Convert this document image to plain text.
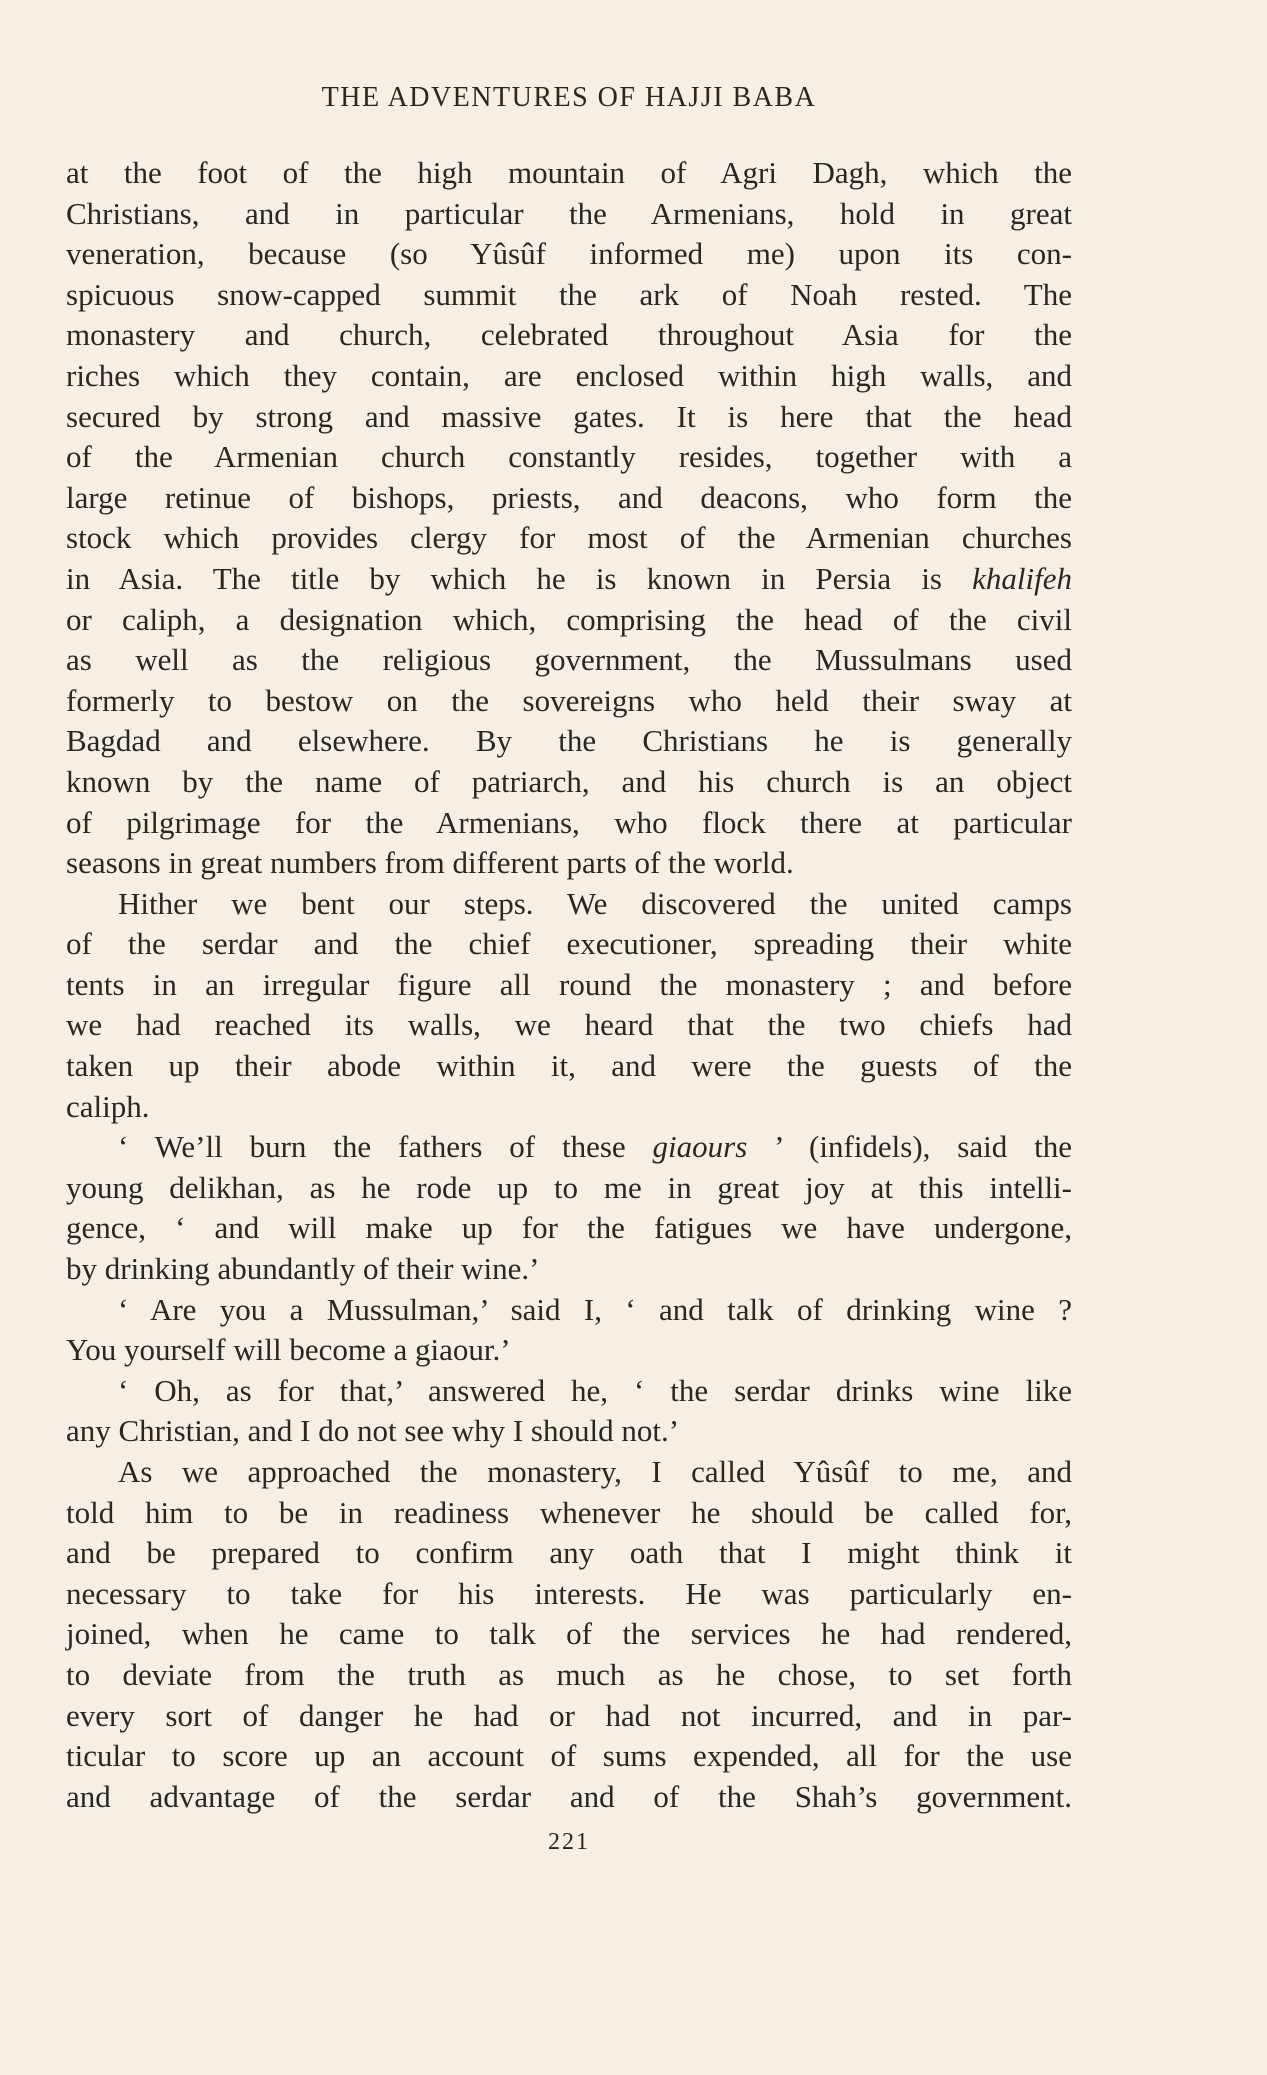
THE ADVENTURES OF HAJJI BABA
at the foot of the high mountain of Agri Dagh, which the
Christians, and in particular the Armenians, hold in great
veneration, because (so Yûsûf informed me) upon its con-
spicuous snow-capped summit the ark of Noah rested. The
monastery and church, celebrated throughout Asia for the
riches which they contain, are enclosed within high walls, and
secured by strong and massive gates. It is here that the head
of the Armenian church constantly resides, together with a
large retinue of bishops, priests, and deacons, who form the
stock which provides clergy for most of the Armenian churches
in Asia. The title by which he is known in Persia is khalifeh
or caliph, a designation which, comprising the head of the civil
as well as the religious government, the Mussulmans used
formerly to bestow on the sovereigns who held their sway at
Bagdad and elsewhere. By the Christians he is generally
known by the name of patriarch, and his church is an object
of pilgrimage for the Armenians, who flock there at particular
seasons in great numbers from different parts of the world.
Hither we bent our steps. We discovered the united camps
of the serdar and the chief executioner, spreading their white
tents in an irregular figure all round the monastery ; and before
we had reached its walls, we heard that the two chiefs had
taken up their abode within it, and were the guests of the
caliph.
‘ We’ll burn the fathers of these giaours ’ (infidels), said the
young delikhan, as he rode up to me in great joy at this intelli-
gence, ‘ and will make up for the fatigues we have undergone,
by drinking abundantly of their wine.’
‘ Are you a Mussulman,’ said I, ‘ and talk of drinking wine ?
You yourself will become a giaour.’
‘ Oh, as for that,’ answered he, ‘ the serdar drinks wine like
any Christian, and I do not see why I should not.’
As we approached the monastery, I called Yûsûf to me, and
told him to be in readiness whenever he should be called for,
and be prepared to confirm any oath that I might think it
necessary to take for his interests. He was particularly en-
joined, when he came to talk of the services he had rendered,
to deviate from the truth as much as he chose, to set forth
every sort of danger he had or had not incurred, and in par-
ticular to score up an account of sums expended, all for the use
and advantage of the serdar and of the Shah’s government.
221
